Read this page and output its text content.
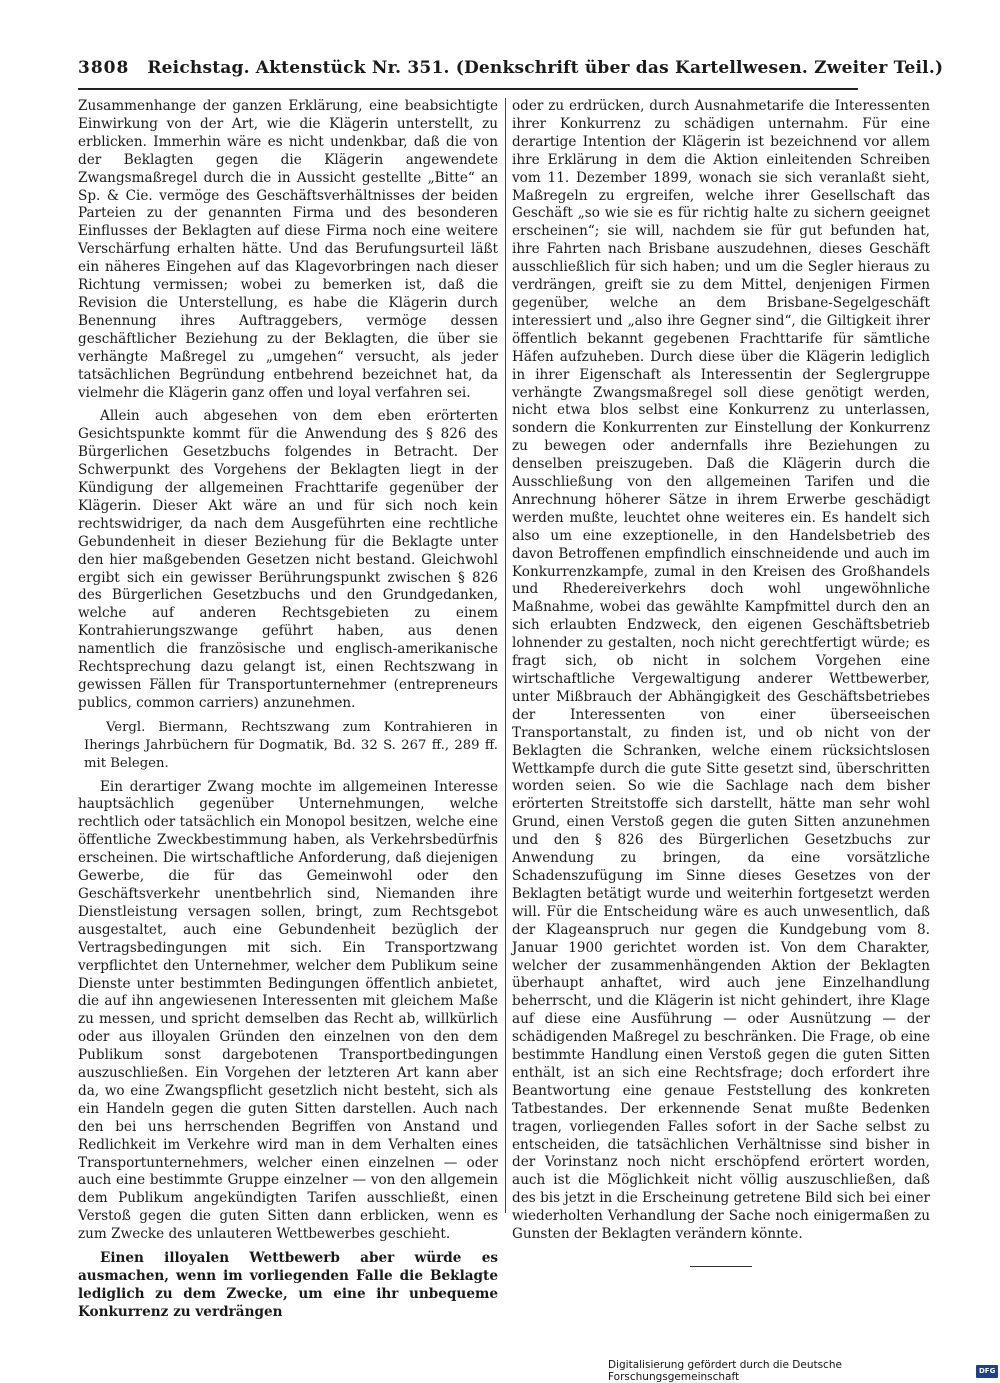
3808 Reichstag. Aktenstück Nr. 351. (Denkschrift über das Kartellwesen. Zweiter Teil.)

Zusammenhange der ganzen Erklärung, eine beabsichtigte Einwirkung von der Art, wie die Klägerin unterstellt, zu erblicken. Immerhin wäre es nicht undenkbar, daß die von der Beklagten gegen die Klägerin angewendete Zwangsmaßregel durch die in Aussicht gestellte „Bitte“ an Sp. & Cie. vermöge des Geschäftsverhältnisses der beiden Parteien zu der genannten Firma und des besonderen Einflusses der Beklagten auf diese Firma noch eine weitere Verschärfung erhalten hätte. Und das Berufungsurteil läßt ein näheres Eingehen auf das Klagevorbringen nach dieser Richtung vermissen; wobei zu bemerken ist, daß die Revision die Unterstellung, es habe die Klägerin durch Benennung ihres Auftraggebers, vermöge dessen geschäftlicher Beziehung zu der Beklagten, die über sie verhängte Maßregel zu „umgehen“ versucht, als jeder tatsächlichen Begründung entbehrend bezeichnet hat, da vielmehr die Klägerin ganz offen und loyal verfahren sei.

Allein auch abgesehen von dem eben erörterten Gesichtspunkte kommt für die Anwendung des § 826 des Bürgerlichen Gesetzbuchs folgendes in Betracht. Der Schwerpunkt des Vorgehens der Beklagten liegt in der Kündigung der allgemeinen Frachttarife gegenüber der Klägerin. Dieser Akt wäre an und für sich noch kein rechtswidriger, da nach dem Ausgeführten eine rechtliche Gebundenheit in dieser Beziehung für die Beklagte unter den hier maßgebenden Gesetzen nicht bestand. Gleichwohl ergibt sich ein gewisser Berührungspunkt zwischen § 826 des Bürgerlichen Gesetzbuchs und den Grundgedanken, welche auf anderen Rechtsgebieten zu einem Kontrahierungszwange geführt haben, aus denen namentlich die französische und englisch-amerikanische Rechtsprechung dazu gelangt ist, einen Rechtszwang in gewissen Fällen für Transportunternehmer (entrepreneurs publics, common carriers) anzunehmen.

Vergl. Biermann, Rechtszwang zum Kontrahieren in Iherings Jahrbüchern für Dogmatik, Bd. 32 S. 267 ff., 289 ff. mit Belegen.

Ein derartiger Zwang mochte im allgemeinen Interesse hauptsächlich gegenüber Unternehmungen, welche rechtlich oder tatsächlich ein Monopol besitzen, welche eine öffentliche Zweckbestimmung haben, als Verkehrsbedürfnis erscheinen. Die wirtschaftliche Anforderung, daß diejenigen Gewerbe, die für das Gemeinwohl oder den Geschäftsverkehr unentbehrlich sind, Niemanden ihre Dienstleistung versagen sollen, bringt, zum Rechtsgebot ausgestaltet, auch eine Gebundenheit bezüglich der Vertragsbedingungen mit sich. Ein Transportzwang verpflichtet den Unternehmer, welcher dem Publikum seine Dienste unter bestimmten Bedingungen öffentlich anbietet, die auf ihn angewiesenen Interessenten mit gleichem Maße zu messen, und spricht demselben das Recht ab, willkürlich oder aus illoyalen Gründen den einzelnen von den dem Publikum sonst dargebotenen Transportbedingungen auszuschließen. Ein Vorgehen der letzteren Art kann aber da, wo eine Zwangspflicht gesetzlich nicht besteht, sich als ein Handeln gegen die guten Sitten darstellen. Auch nach den bei uns herrschenden Begriffen von Anstand und Redlichkeit im Verkehre wird man in dem Verhalten eines Transportunternehmers, welcher einen einzelnen — oder auch eine bestimmte Gruppe einzelner — von den allgemein dem Publikum angekündigten Tarifen ausschließt, einen Verstoß gegen die guten Sitten dann erblicken, wenn es zum Zwecke des unlauteren Wettbewerbes geschieht.

Einen illoyalen Wettbewerb aber würde es ausmachen, wenn im vorliegenden Falle die Beklagte lediglich zu dem Zwecke, um eine ihr unbequeme Konkurrenz zu verdrängen

oder zu erdrücken, durch Ausnahmetarife die Interessenten ihrer Konkurrenz zu schädigen unternahm. Für eine derartige Intention der Klägerin ist bezeichnend vor allem ihre Erklärung in dem die Aktion einleitenden Schreiben vom 11. Dezember 1899, wonach sie sich veranlaßt sieht, Maßregeln zu ergreifen, welche ihrer Gesellschaft das Geschäft „so wie sie es für richtig halte zu sichern geeignet erscheinen“; sie will, nachdem sie für gut befunden hat, ihre Fahrten nach Brisbane auszudehnen, dieses Geschäft ausschließlich für sich haben; und um die Segler hieraus zu verdrängen, greift sie zu dem Mittel, denjenigen Firmen gegenüber, welche an dem Brisbane-Segelgeschäft interessiert und „also ihre Gegner sind“, die Giltigkeit ihrer öffentlich bekannt gegebenen Frachttarife für sämtliche Häfen aufzuheben. Durch diese über die Klägerin lediglich in ihrer Eigenschaft als Interessentin der Seglergruppe verhängte Zwangsmaßregel soll diese genötigt werden, nicht etwa blos selbst eine Konkurrenz zu unterlassen, sondern die Konkurrenten zur Einstellung der Konkurrenz zu bewegen oder andernfalls ihre Beziehungen zu denselben preiszugeben. Daß die Klägerin durch die Ausschließung von den allgemeinen Tarifen und die Anrechnung höherer Sätze in ihrem Erwerbe geschädigt werden mußte, leuchtet ohne weiteres ein. Es handelt sich also um eine exzeptionelle, in den Handelsbetrieb des davon Betroffenen empfindlich einschneidende und auch im Konkurrenzkampfe, zumal in den Kreisen des Großhandels und Rhedereiverkehrs doch wohl ungewöhnliche Maßnahme, wobei das gewählte Kampfmittel durch den an sich erlaubten Endzweck, den eigenen Geschäftsbetrieb lohnender zu gestalten, noch nicht gerechtfertigt würde; es fragt sich, ob nicht in solchem Vorgehen eine wirtschaftliche Vergewaltigung anderer Wettbewerber, unter Mißbrauch der Abhängigkeit des Geschäftsbetriebes der Interessenten von einer überseeischen Transportanstalt, zu finden ist, und ob nicht von der Beklagten die Schranken, welche einem rücksichtslosen Wettkampfe durch die gute Sitte gesetzt sind, überschritten worden seien. So wie die Sachlage nach dem bisher erörterten Streitstoffe sich darstellt, hätte man sehr wohl Grund, einen Verstoß gegen die guten Sitten anzunehmen und den § 826 des Bürgerlichen Gesetzbuchs zur Anwendung zu bringen, da eine vorsätzliche Schadenszufügung im Sinne dieses Gesetzes von der Beklagten betätigt wurde und weiterhin fortgesetzt werden will. Für die Entscheidung wäre es auch unwesentlich, daß der Klageanspruch nur gegen die Kundgebung vom 8. Januar 1900 gerichtet worden ist. Von dem Charakter, welcher der zusammenhängenden Aktion der Beklagten überhaupt anhaftet, wird auch jene Einzelhandlung beherrscht, und die Klägerin ist nicht gehindert, ihre Klage auf diese eine Ausführung — oder Ausnützung — der schädigenden Maßregel zu beschränken. Die Frage, ob eine bestimmte Handlung einen Verstoß gegen die guten Sitten enthält, ist an sich eine Rechtsfrage; doch erfordert ihre Beantwortung eine genaue Feststellung des konkreten Tatbestandes. Der erkennende Senat mußte Bedenken tragen, vorliegenden Falles sofort in der Sache selbst zu entscheiden, die tatsächlichen Verhältnisse sind bisher in der Vorinstanz noch nicht erschöpfend erörtert worden, auch ist die Möglichkeit nicht völlig auszuschließen, daß des bis jetzt in die Erscheinung getretene Bild sich bei einer wiederholten Verhandlung der Sache noch einigermaßen zu Gunsten der Beklagten verändern könnte.

Digitalisierung gefördert durch die Deutsche Forschungsgemeinschaft	DFG
